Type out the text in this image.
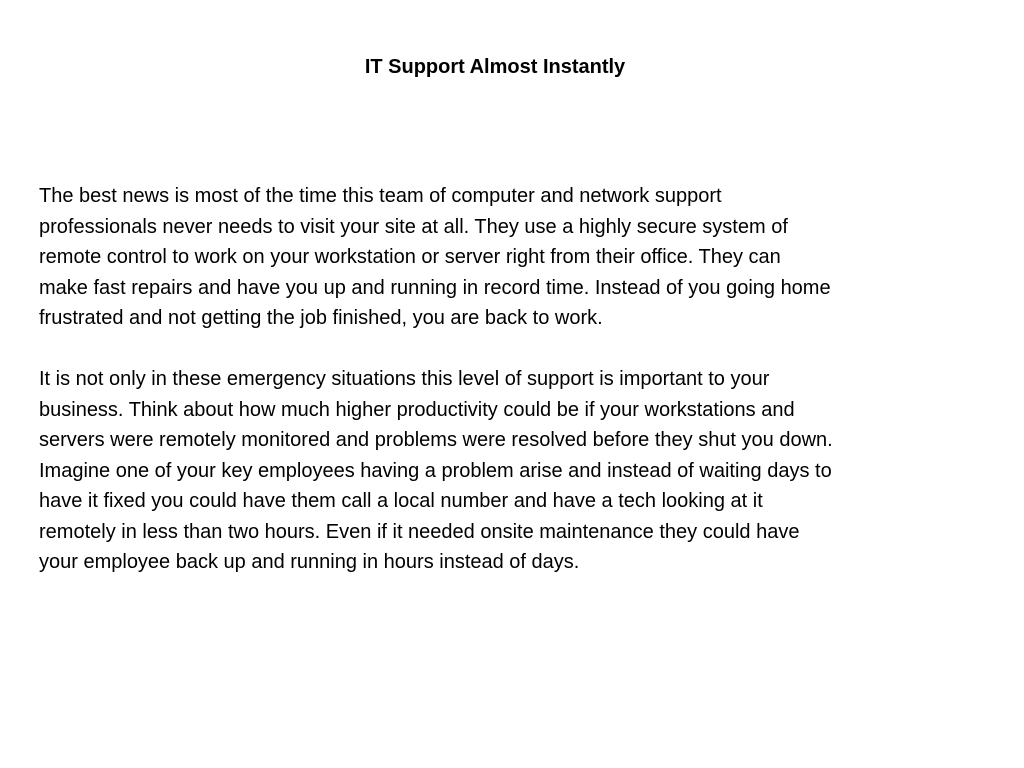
IT Support Almost Instantly

The best news is most of the time this team of computer and network support
professionals never needs to visit your site at all. They use a highly secure system of
remote control to work on your workstation or server right from their office. They can
make fast repairs and have you up and running in record time. Instead of you going home
frustrated and not getting the job finished, you are back to work.

It is not only in these emergency situations this level of support is important to your
business. Think about how much higher productivity could be if your workstations and
servers were remotely monitored and problems were resolved before they shut you down.
Imagine one of your key employees having a problem arise and instead of waiting days to
have it fixed you could have them call a local number and have a tech looking at it
remotely in less than two hours. Even if it needed onsite maintenance they could have
your employee back up and running in hours instead of days.
